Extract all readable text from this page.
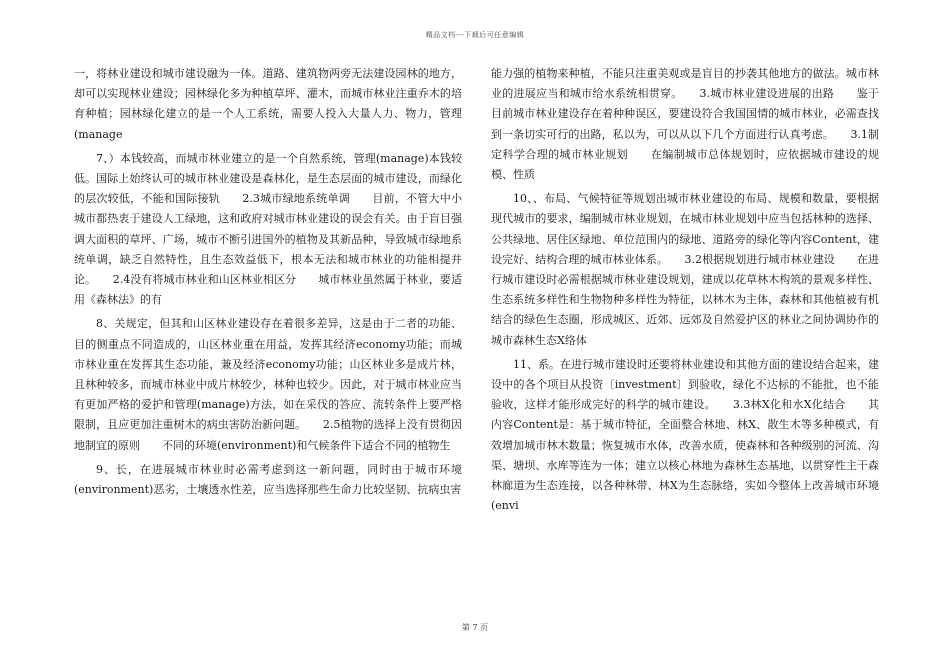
精品文档---下载后可任意编辑

一，将林业建设和城市建设融为一体。道路、建筑物两旁无法建设园林的地方，却可以实现林业建设；园林绿化多为种植草坪、灌木，而城市林业注重乔木的培育种植；园林绿化建立的是一个人工系统，需要人投入大量人力、物力，管理(manage

7、）本钱较高，而城市林业建立的是一个自然系统，管理(manage)本钱较低。国际上始终认可的城市林业建设是森林化，是生态层面的城市建设，而绿化的层次较低，不能和国际接轨　　2.3城市绿地系统单调　　目前，不管大中小城市都热衷于建设人工绿地，这和政府对城市林业建设的误会有关。由于盲目强调大面积的草坪、广场，城市不断引进国外的植物及其新品种，导致城市绿地系统单调，缺乏自然特性，且生态效益低下，根本无法和城市林业的功能相提并论。　　2.4没有将城市林业和山区林业相区分　　城市林业虽然属于林业，要适用《森林法》的有

8、关规定，但其和山区林业建设存在着很多差异，这是由于二者的功能、目的侧重点不同造成的，山区林业重在用益，发挥其经济economy功能；而城市林业重在发挥其生态功能，兼及经济economy功能；山区林业多是成片林，且林种较多，而城市林业中成片林较少，林种也较少。因此，对于城市林业应当有更加严格的爱护和管理(manage)方法，如在采伐的答应、流转条件上要严格限制，且应更加注重树木的病虫害防治新问题。　　2.5植物的选择上没有贯彻因地制宜的原则　　不同的环境(environment)和气候条件下适合不同的植物生

9、长，在进展城市林业时必需考虑到这一新问题，同时由于城市环境(environment)恶劣，土壤透水性差，应当选择那些生命力比较坚韧、抗病虫害

能力强的植物来种植，不能只注重美观或是盲目的抄袭其他地方的做法。城市林业的进展应当和城市给水系统相贯穿。　　3.城市林业建设进展的出路　　鉴于目前城市林业建设存在着种种误区，要建设符合我国国情的城市林业，必需查找到一条切实可行的出路，私以为，可以从以下几个方面进行认真考虑。　　3.1制定科学合理的城市林业规划　　在编制城市总体规划时，应依据城市建设的规模、性质

10、、布局、气候特征等规划出城市林业建设的布局、规模和数量，要根据现代城市的要求，编制城市林业规划，在城市林业规划中应当包括林种的选择、公共绿地、居住区绿地、单位范围内的绿地、道路旁的绿化等内容Content，建设完好、结构合理的城市林业体系。　　3.2根据规划进行城市林业建设　　在进行城市建设时必需根据城市林业建设规划，建成以花草林木构筑的景观多样性、生态系统多样性和生物物种多样性为特征，以林木为主体，森林和其他植被有机结合的绿色生态圈，形成城区、近郊、远郊及自然爱护区的林业之间协调协作的城市森林生态X络体

11、系。在进行城市建设时还要将林业建设和其他方面的建设结合起来，建设中的各个项目从投资〔investment〕到验收，绿化不达标的不能批，也不能验收，这样才能形成完好的科学的城市建设。　　3.3林X化和水X化结合　　其内容Content是：基于城市特征，全面整合林地、林X、散生木等多种模式，有效增加城市林木数量；恢复城市水体，改善水质，使森林和各种级别的河流、沟渠、塘坝、水库等连为一体；建立以核心林地为森林生态基地，以贯穿性主干森林廊道为生态连接，以各种林带、林X为生态脉络，实如今整体上改善城市环境(envi

第 7 页
